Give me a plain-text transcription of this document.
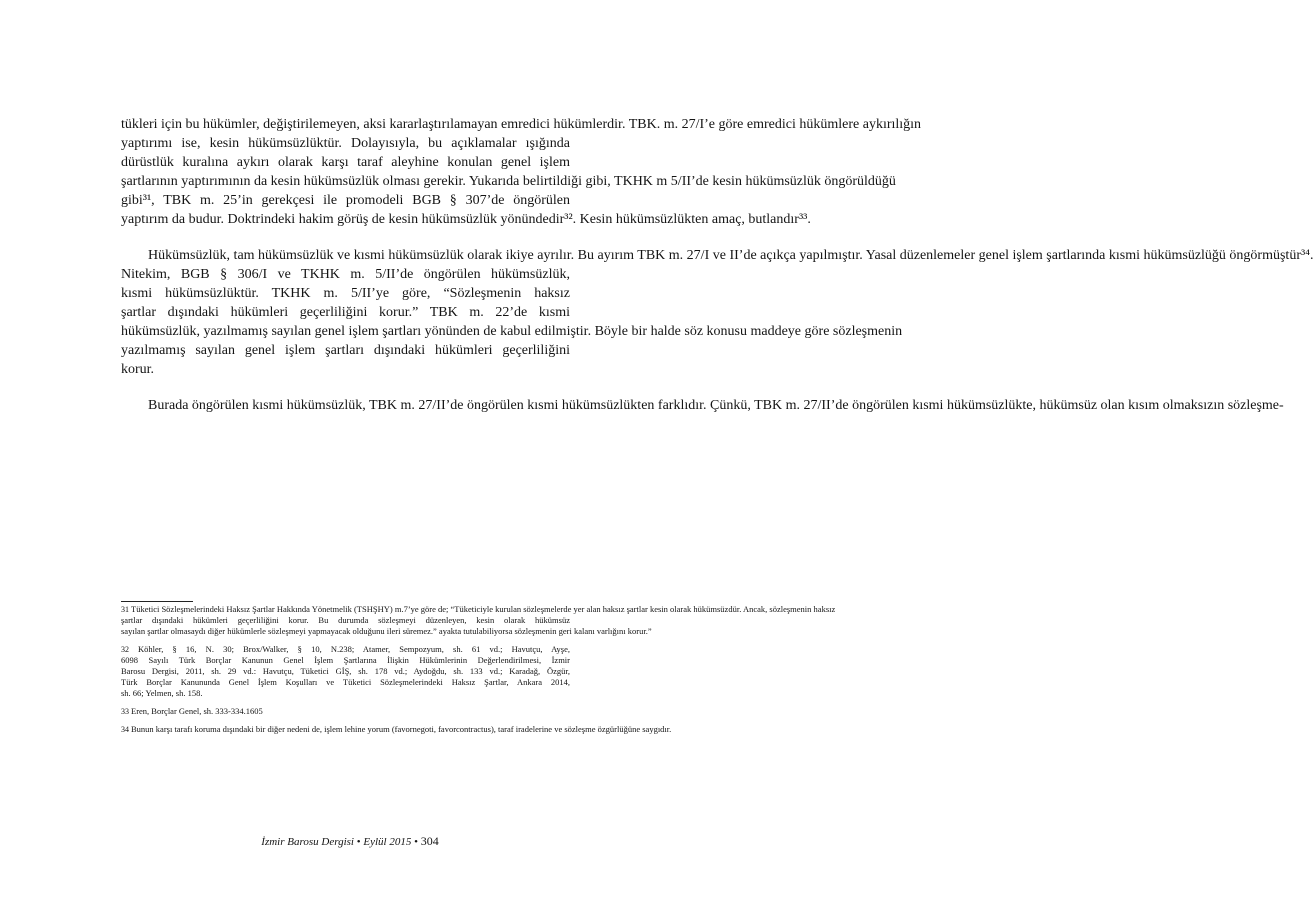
tükleri için bu hükümler, değiştirilemeyen, aksi kararlaştırılamayan emredici hükümlerdir. TBK. m. 27/I’e göre emredici hükümlere aykırılığın
yaptırımı ise, kesin hükümsüzlüktür. Dolayısıyla, bu açıklamalar ışığında
dürüstlük kuralına aykırı olarak karşı taraf aleyhine konulan genel işlem
şartlarının yaptırımının da kesin hükümsüzlük olması gerekir. Yukarıda belirtildiği gibi, TKHK m 5/II’de kesin hükümsüzlük öngörüldüğü
gibi³¹, TBK m. 25’in gerekçesi ile promodeli BGB § 307’de öngörülen
yaptırım da budur. Doktrindeki hakim görüş de kesin hükümsüzlük yönündedir³². Kesin hükümsüzlükten amaç, butlandır³³.
Hükümsüzlük, tam hükümsüzlük ve kısmi hükümsüzlük olarak ikiye ayrılır. Bu ayırım TBK m. 27/I ve II’de açıkça yapılmıştır. Yasal düzenlemeler genel işlem şartlarında kısmi hükümsüzlüğü öngörmüştür³⁴.
Nitekim, BGB § 306/I ve TKHK m. 5/II’de öngörülen hükümsüzlük,
kısmi hükümsüzlüktür. TKHK m. 5/II’ye göre, “Sözleşmenin haksız
şartlar dışındaki hükümleri geçerliliğini korur.” TBK m. 22’de kısmi
hükümsüzlük, yazılmamış sayılan genel işlem şartları yönünden de kabul edilmiştir. Böyle bir halde söz konusu maddeye göre sözleşmenin
yazılmamış sayılan genel işlem şartları dışındaki hükümleri geçerliliğini
korur.
Burada öngörülen kısmi hükümsüzlük, TBK m. 27/II’de öngörülen kısmi hükümsüzlükten farklıdır. Çünkü, TBK m. 27/II’de öngörülen kısmi hükümsüzlükte, hükümsüz olan kısım olmaksızın sözleşme-
31 Tüketici Sözleşmelerindeki Haksız Şartlar Hakkında Yönetmelik (TSHŞHY) m.7’ye göre de; “Tüketiciyle kurulan sözleşmelerde yer alan haksız şartlar kesin olarak hükümsüzdür. Ancak, sözleşmenin haksız
şartlar dışındaki hükümleri geçerliliğini korur. Bu durumda sözleşmeyi düzenleyen, kesin olarak hükümsüz
sayılan şartlar olmasaydı diğer hükümlerle sözleşmeyi yapmayacak olduğunu ileri süremez.” ayakta tutulabiliyorsa sözleşmenin geri kalanı varlığını korur.”
32 Köhler, § 16, N. 30; Brox/Walker, § 10, N.238; Atamer, Sempozyum, sh. 61 vd.; Havutçu, Ayşe,
6098 Sayılı Türk Borçlar Kanunun Genel İşlem Şartlarına İlişkin Hükümlerinin Değerlendirilmesi, İzmir
Barosu Dergisi, 2011, sh. 29 vd.: Havutçu, Tüketici GİŞ, sh. 178 vd.; Aydoğdu, sh. 133 vd.; Karadağ, Özgür,
Türk Borçlar Kanununda Genel İşlem Koşulları ve Tüketici Sözleşmelerindeki Haksız Şartlar, Ankara 2014,
sh. 66; Yelmen, sh. 158.
33 Eren, Borçlar Genel, sh. 333-334.1605
34 Bunun karşı tarafı koruma dışındaki bir diğer nedeni de, işlem lehine yorum (favornegoti, favorcontractus), taraf iradelerine ve sözleşme özgürlüğüne saygıdır.
İzmir Barosu Dergisi • Eylül 2015 • 304
